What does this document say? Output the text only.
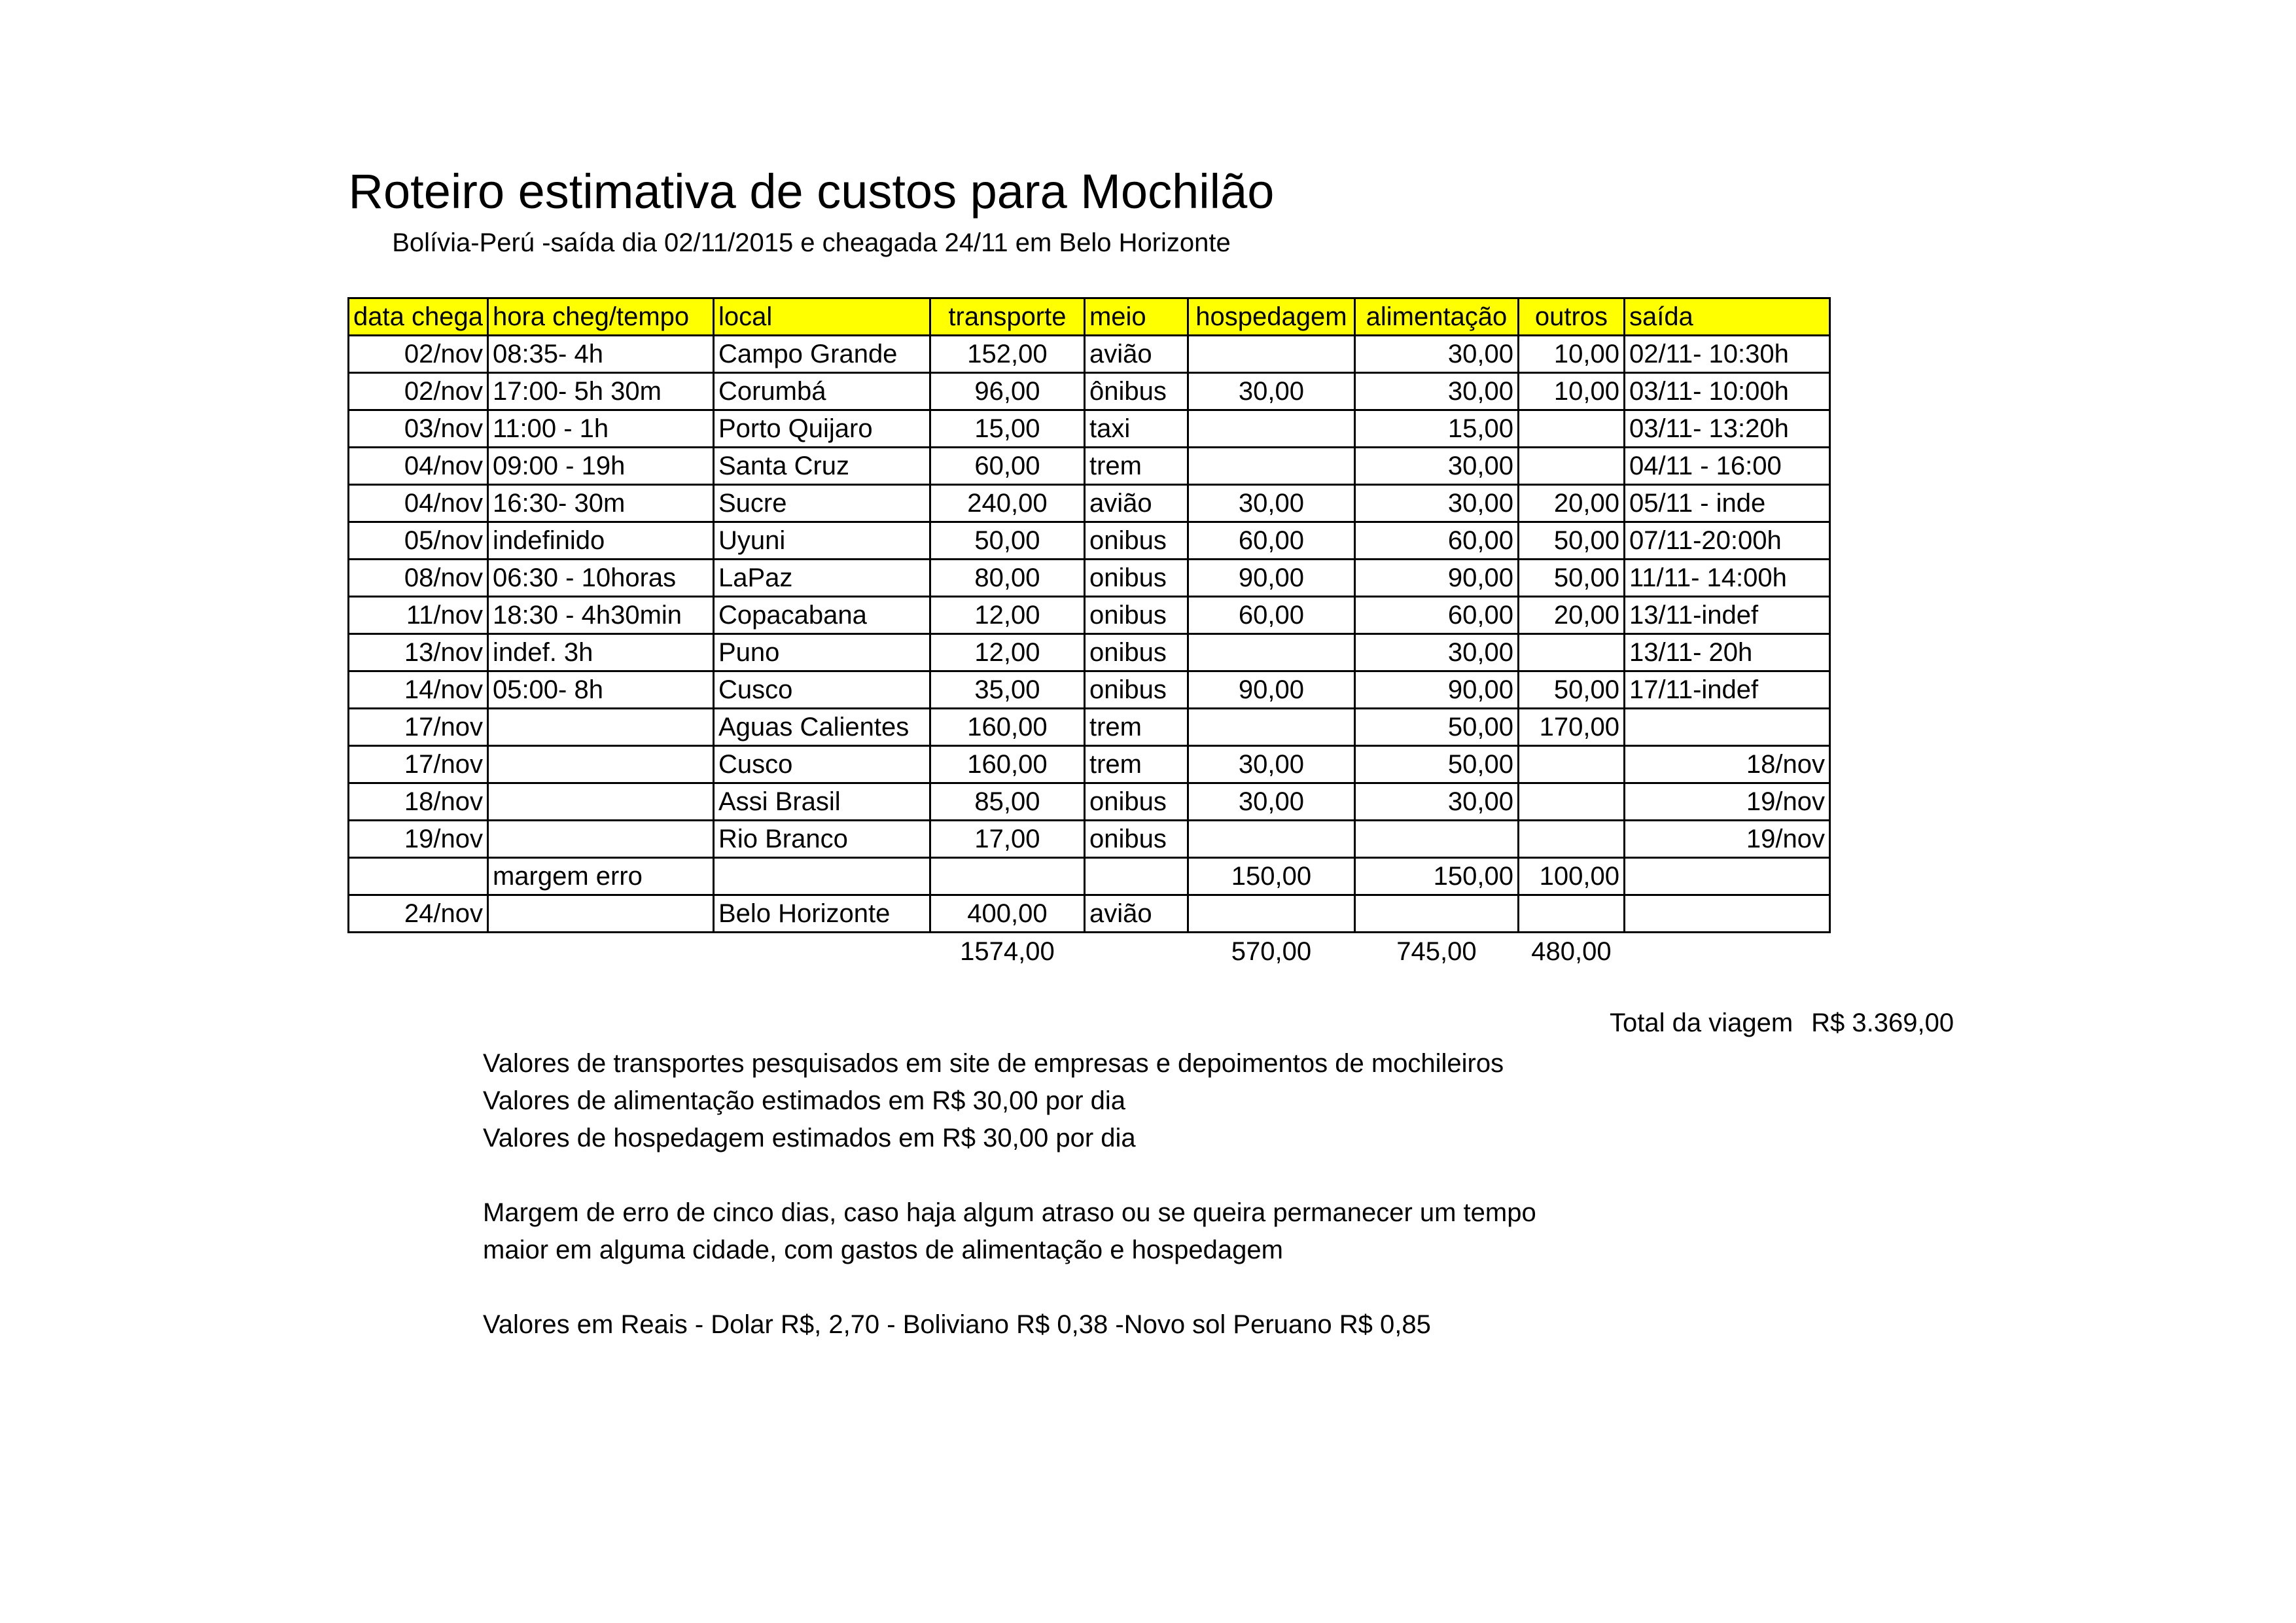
Roteiro estimativa de custos para Mochilão
Bolívia-Perú -saída dia 02/11/2015 e cheagada 24/11 em Belo Horizonte
data chega	hora cheg/tempo	local	transporte	meio	hospedagem	alimentação	outros	saída
02/nov	08:35- 4h	Campo Grande	152,00	avião		30,00	10,00	02/11- 10:30h
02/nov	17:00- 5h 30m	Corumbá	96,00	ônibus	30,00	30,00	10,00	03/11- 10:00h
03/nov	11:00 - 1h	Porto Quijaro	15,00	taxi		15,00		03/11- 13:20h
04/nov	09:00 - 19h	Santa Cruz	60,00	trem		30,00		04/11 - 16:00
04/nov	16:30- 30m	Sucre	240,00	avião	30,00	30,00	20,00	05/11 - inde
05/nov	indefinido	Uyuni	50,00	onibus	60,00	60,00	50,00	07/11-20:00h
08/nov	06:30 - 10horas	LaPaz	80,00	onibus	90,00	90,00	50,00	11/11- 14:00h
11/nov	18:30 - 4h30min	Copacabana	12,00	onibus	60,00	60,00	20,00	13/11-indef
13/nov	indef. 3h	Puno	12,00	onibus		30,00		13/11- 20h
14/nov	05:00- 8h	Cusco	35,00	onibus	90,00	90,00	50,00	17/11-indef
17/nov		Aguas Calientes	160,00	trem		50,00	170,00	
17/nov		Cusco	160,00	trem	30,00	50,00		18/nov
18/nov		Assi Brasil	85,00	onibus	30,00	30,00		19/nov
19/nov		Rio Branco	17,00	onibus				19/nov
	margem erro				150,00	150,00	100,00	
24/nov		Belo Horizonte	400,00	avião				
			1574,00		570,00	745,00	480,00	
Total da viagem R$ 3.369,00

Valores de transportes pesquisados em site de empresas e depoimentos de mochileiros

Valores de alimentação estimados em R$ 30,00 por dia

Valores de hospedagem estimados em R$ 30,00 por dia

Margem de erro de cinco dias, caso haja algum atraso ou se queira permanecer um tempo

maior em alguma cidade, com gastos de alimentação e hospedagem

Valores em Reais - Dolar R$, 2,70 - Boliviano R$ 0,38 -Novo sol Peruano R$ 0,85
